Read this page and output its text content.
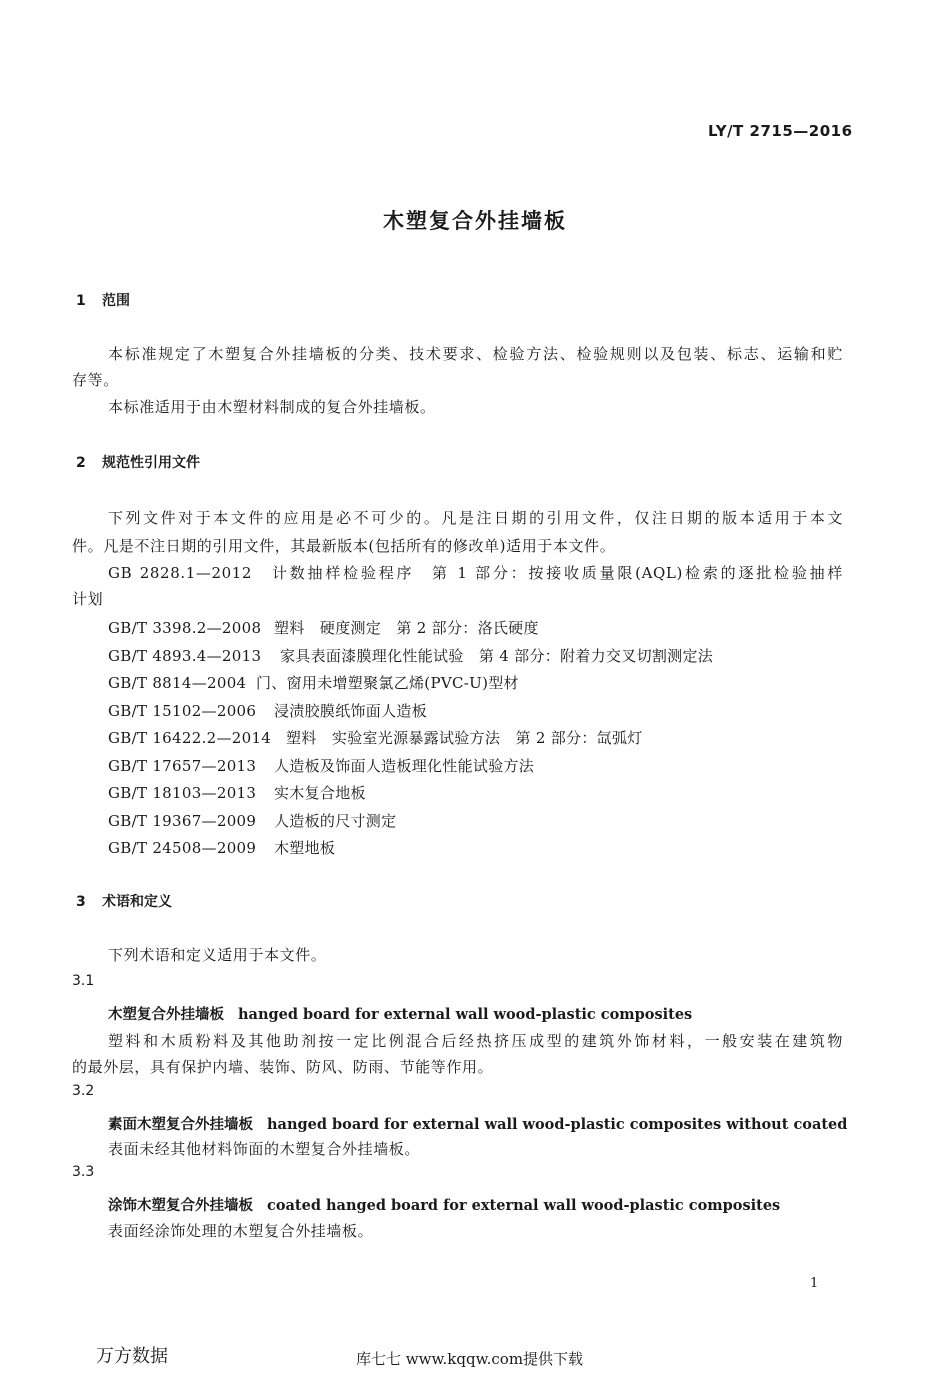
LY/T 2715—2016
木塑复合外挂墙板
1 范围
本标准规定了木塑复合外挂墙板的分类、技术要求、检验方法、检验规则以及包装、标志、运输和贮
存等。
本标准适用于由木塑材料制成的复合外挂墙板。
2 规范性引用文件
下列文件对于本文件的应用是必不可少的。凡是注日期的引用文件，仅注日期的版本适用于本文
件。凡是不注日期的引用文件，其最新版本(包括所有的修改单)适用于本文件。
GB 2828.1—2012　计数抽样检验程序　第 1 部分：按接收质量限(AQL)检索的逐批检验抽样
计划
GB/T 3398.2—2008 塑料　硬度测定　第 2 部分：洛氏硬度
GB/T 4893.4—2013 家具表面漆膜理化性能试验　第 4 部分：附着力交叉切割测定法
GB/T 8814—2004 门、窗用未增塑聚氯乙烯(PVC-U)型材
GB/T 15102—2006 浸渍胶膜纸饰面人造板
GB/T 16422.2—2014 塑料　实验室光源暴露试验方法　第 2 部分：氙弧灯
GB/T 17657—2013 人造板及饰面人造板理化性能试验方法
GB/T 18103—2013 实木复合地板
GB/T 19367—2009 人造板的尺寸测定
GB/T 24508—2009 木塑地板
3 术语和定义
下列术语和定义适用于本文件。
3.1
木塑复合外挂墙板 hanged board for external wall wood-plastic composites
塑料和木质粉料及其他助剂按一定比例混合后经热挤压成型的建筑外饰材料，一般安装在建筑物
的最外层，具有保护内墙、装饰、防风、防雨、节能等作用。
3.2
素面木塑复合外挂墙板 hanged board for external wall wood-plastic composites without coated
表面未经其他材料饰面的木塑复合外挂墙板。
3.3
涂饰木塑复合外挂墙板 coated hanged board for external wall wood-plastic composites
表面经涂饰处理的木塑复合外挂墙板。
1
万方数据	库七七 www.kqqw.com提供下载
